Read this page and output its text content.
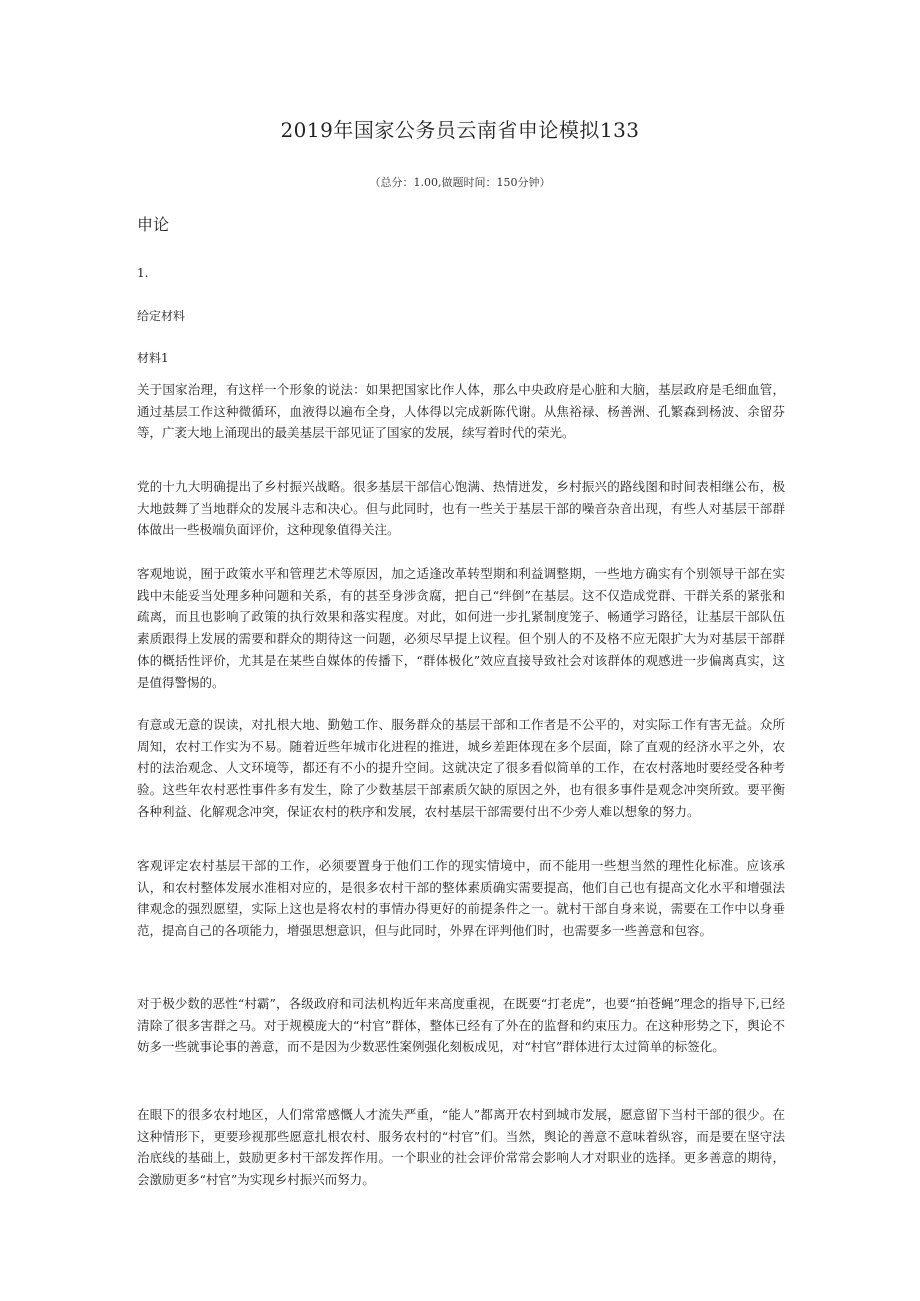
2019年国家公务员云南省申论模拟133
（总分：1.00,做题时间：150分钟）
申论
1.
给定材料
材料1

关于国家治理，有这样一个形象的说法：如果把国家比作人体，那么中央政府是心脏和大脑，基层政府是毛细血管，通过基层工作这种微循环，血液得以遍布全身，人体得以完成新陈代谢。从焦裕禄、杨善洲、孔繁森到杨波、余留芬等，广袤大地上涌现出的最美基层干部见证了国家的发展，续写着时代的荣光。

党的十九大明确提出了乡村振兴战略。很多基层干部信心饱满、热情迸发，乡村振兴的路线图和时间表相继公布，极大地鼓舞了当地群众的发展斗志和决心。但与此同时，也有一些关于基层干部的噪音杂音出现，有些人对基层干部群体做出一些极端负面评价，这种现象值得关注。

客观地说，囿于政策水平和管理艺术等原因，加之适逢改革转型期和利益调整期，一些地方确实有个别领导干部在实践中未能妥当处理多种问题和关系，有的甚至身涉贪腐，把自己“绊倒”在基层。这不仅造成党群、干群关系的紧张和疏离，而且也影响了政策的执行效果和落实程度。对此，如何进一步扎紧制度笼子、畅通学习路径，让基层干部队伍素质跟得上发展的需要和群众的期待这一问题，必须尽早提上议程。但个别人的不及格不应无限扩大为对基层干部群体的概括性评价，尤其是在某些自媒体的传播下，“群体极化”效应直接导致社会对该群体的观感进一步偏离真实，这是值得警惕的。

有意或无意的误读，对扎根大地、勤勉工作、服务群众的基层干部和工作者是不公平的，对实际工作有害无益。众所周知，农村工作实为不易。随着近些年城市化进程的推进，城乡差距体现在多个层面，除了直观的经济水平之外，农村的法治观念、人文环境等，都还有不小的提升空间。这就决定了很多看似简单的工作，在农村落地时要经受各种考验。这些年农村恶性事件多有发生，除了少数基层干部素质欠缺的原因之外，也有很多事件是观念冲突所致。要平衡各种利益、化解观念冲突，保证农村的秩序和发展，农村基层干部需要付出不少旁人难以想象的努力。

客观评定农村基层干部的工作，必须要置身于他们工作的现实情境中，而不能用一些想当然的理性化标准。应该承认，和农村整体发展水准相对应的，是很多农村干部的整体素质确实需要提高，他们自己也有提高文化水平和增强法律观念的强烈愿望，实际上这也是将农村的事情办得更好的前提条件之一。就村干部自身来说，需要在工作中以身垂范，提高自己的各项能力，增强思想意识，但与此同时，外界在评判他们时，也需要多一些善意和包容。

对于极少数的恶性“村霸”，各级政府和司法机构近年来高度重视，在既要“打老虎”，也要“拍苍蝇”理念的指导下,已经清除了很多害群之马。对于规模庞大的“村官”群体，整体已经有了外在的监督和约束压力。在这种形势之下，舆论不妨多一些就事论事的善意，而不是因为少数恶性案例强化刻板成见，对“村官”群体进行太过简单的标签化。

在眼下的很多农村地区，人们常常感慨人才流失严重，“能人”都离开农村到城市发展，愿意留下当村干部的很少。在这种情形下，更要珍视那些愿意扎根农村、服务农村的“村官”们。当然，舆论的善意不意味着纵容，而是要在坚守法治底线的基础上，鼓励更多村干部发挥作用。一个职业的社会评价常常会影响人才对职业的选择。更多善意的期待，会激励更多“村官”为实现乡村振兴而努力。
